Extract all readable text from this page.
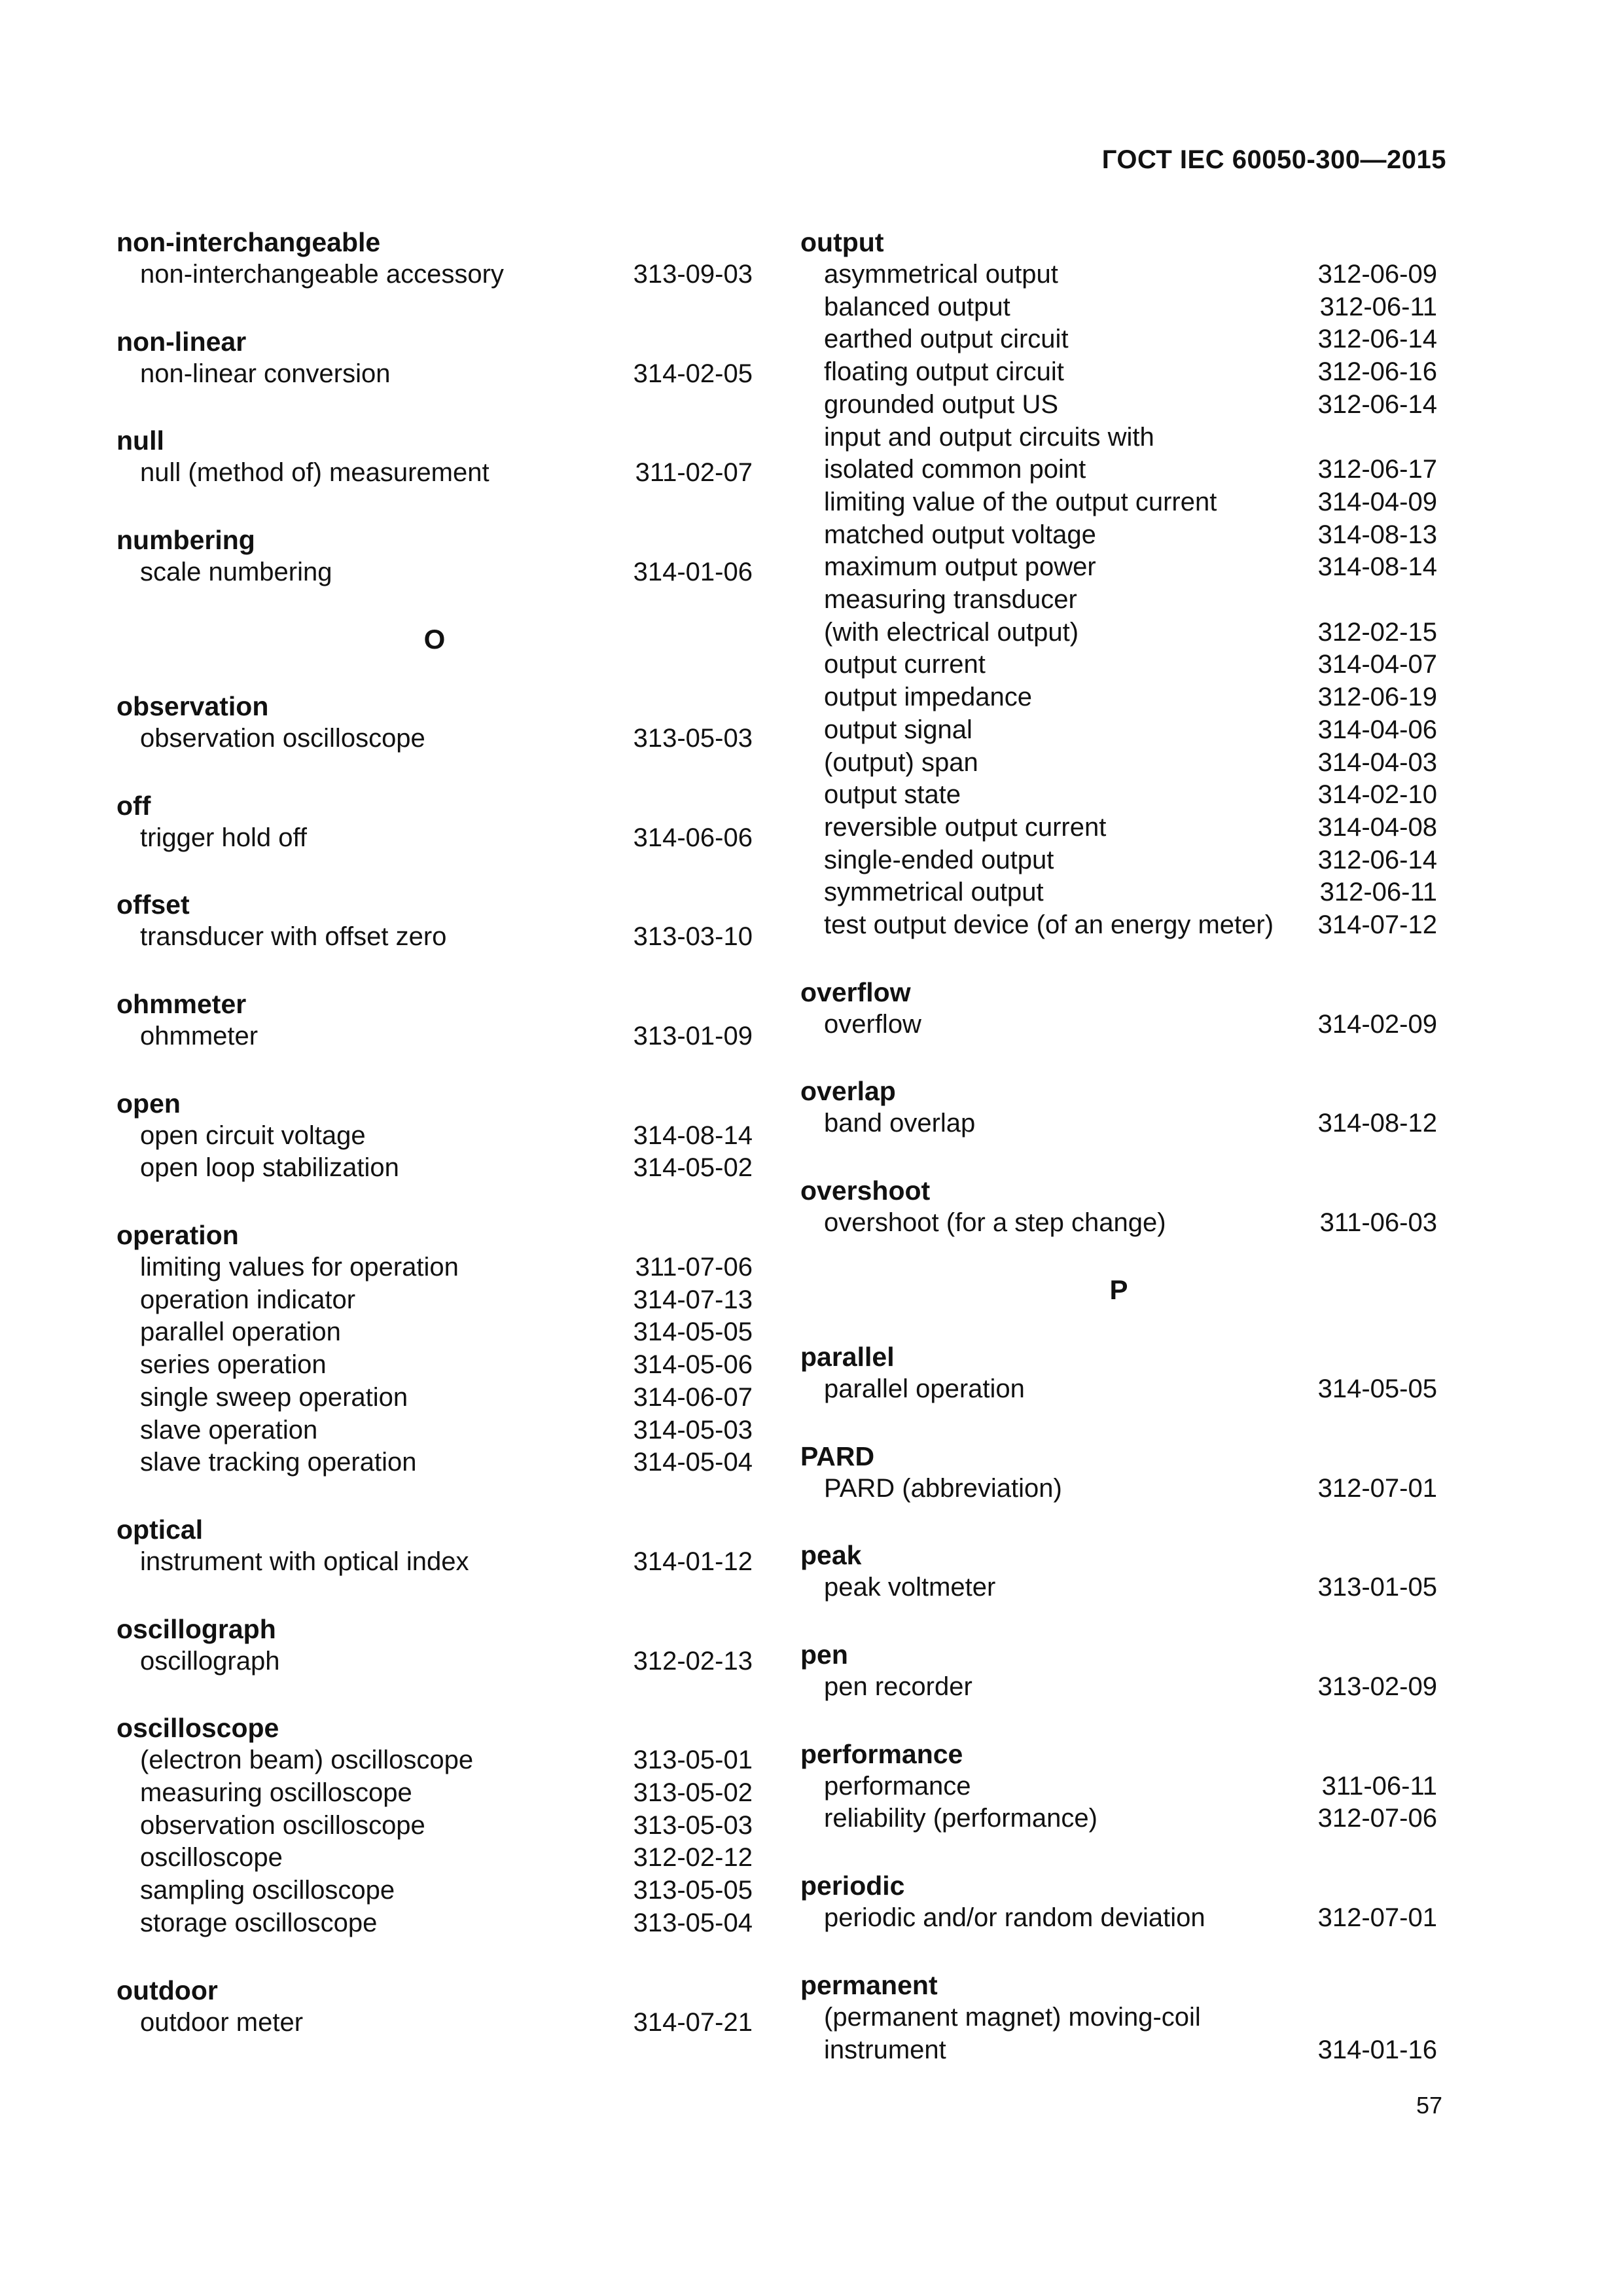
ГОСТ IEC 60050-300—2015
non-interchangeable
non-interchangeable accessory	313-09-03
non-linear
non-linear conversion	314-02-05
null
null (method of) measurement	311-02-07
numbering
scale numbering	314-01-06
O
observation
observation oscilloscope	313-05-03
off
trigger hold off	314-06-06
offset
transducer with offset zero	313-03-10
ohmmeter
ohmmeter	313-01-09
open
open circuit voltage	314-08-14
open loop stabilization	314-05-02
operation
limiting values for operation	311-07-06
operation indicator	314-07-13
parallel operation	314-05-05
series operation	314-05-06
single sweep operation	314-06-07
slave operation	314-05-03
slave tracking operation	314-05-04
optical
instrument with optical index	314-01-12
oscillograph
oscillograph	312-02-13
oscilloscope
(electron beam) oscilloscope	313-05-01
measuring oscilloscope	313-05-02
observation oscilloscope	313-05-03
oscilloscope	312-02-12
sampling oscilloscope	313-05-05
storage oscilloscope	313-05-04
outdoor
outdoor meter	314-07-21
output
asymmetrical output	312-06-09
balanced output	312-06-11
earthed output circuit	312-06-14
floating output circuit	312-06-16
grounded output US	312-06-14
input and output circuits with
isolated common point	312-06-17
limiting value of the output current	314-04-09
matched output voltage	314-08-13
maximum output power	314-08-14
measuring transducer
(with electrical output)	312-02-15
output current	314-04-07
output impedance	312-06-19
output signal	314-04-06
(output) span	314-04-03
output state	314-02-10
reversible output current	314-04-08
single-ended output	312-06-14
symmetrical output	312-06-11
test output device (of an energy meter) 314-07-12
overflow
overflow	314-02-09
overlap
band overlap	314-08-12
overshoot
overshoot (for a step change)	311-06-03
P
parallel
parallel operation	314-05-05
PARD
PARD (abbreviation)	312-07-01
peak
peak voltmeter	313-01-05
pen
pen recorder	313-02-09
performance
performance	311-06-11
reliability (performance)	312-07-06
periodic
periodic and/or random deviation	312-07-01
permanent
(permanent magnet) moving-coil
instrument	314-01-16
57
